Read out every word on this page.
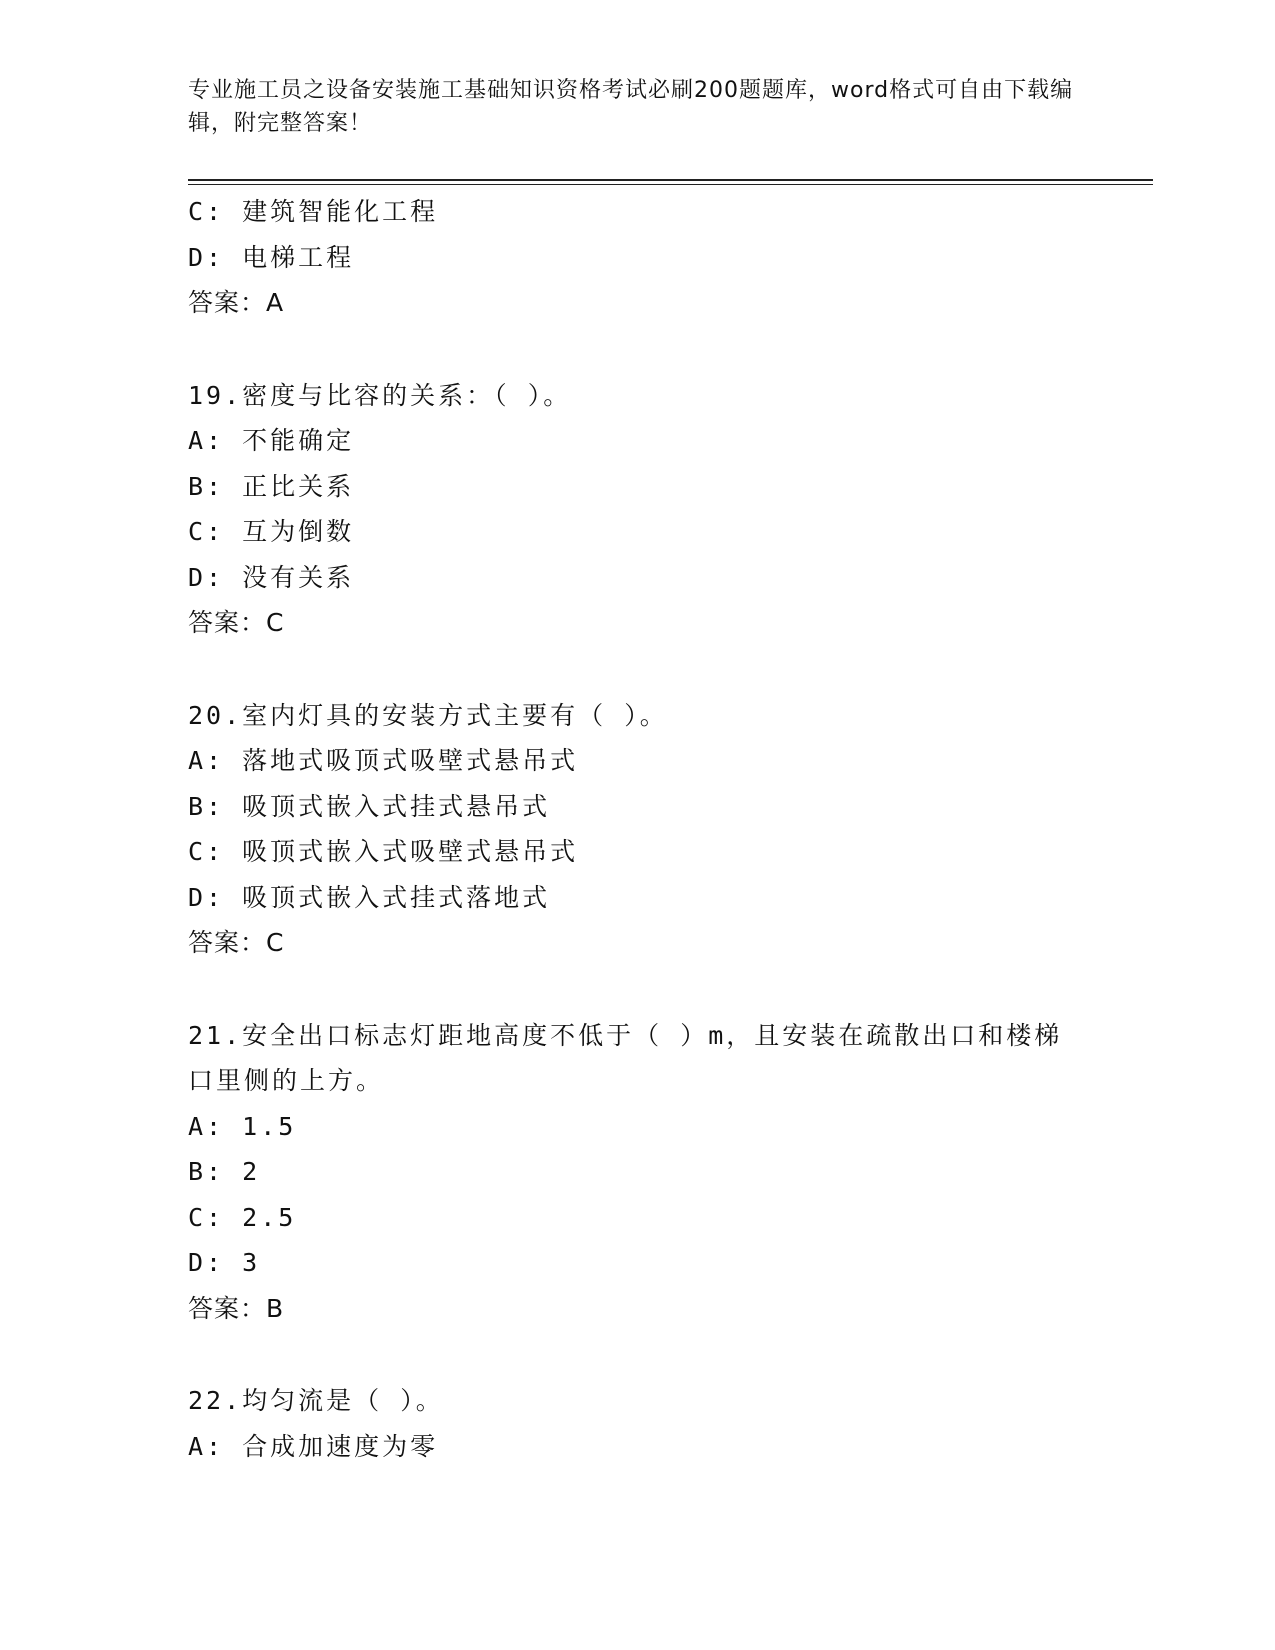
专业施工员之设备安装施工基础知识资格考试必刷200题题库，word格式可自由下载编辑，附完整答案！
C: 建筑智能化工程
D: 电梯工程
答案：A
19.密度与比容的关系：（ ）。
A: 不能确定
B: 正比关系
C: 互为倒数
D: 没有关系
答案：C
20.室内灯具的安装方式主要有（ ）。
A: 落地式吸顶式吸壁式悬吊式
B: 吸顶式嵌入式挂式悬吊式
C: 吸顶式嵌入式吸壁式悬吊式
D: 吸顶式嵌入式挂式落地式
答案：C
21.安全出口标志灯距地高度不低于（ ）m，且安装在疏散出口和楼梯口里侧的上方。
A: 1.5
B: 2
C: 2.5
D: 3
答案：B
22.均匀流是（ ）。
A: 合成加速度为零
